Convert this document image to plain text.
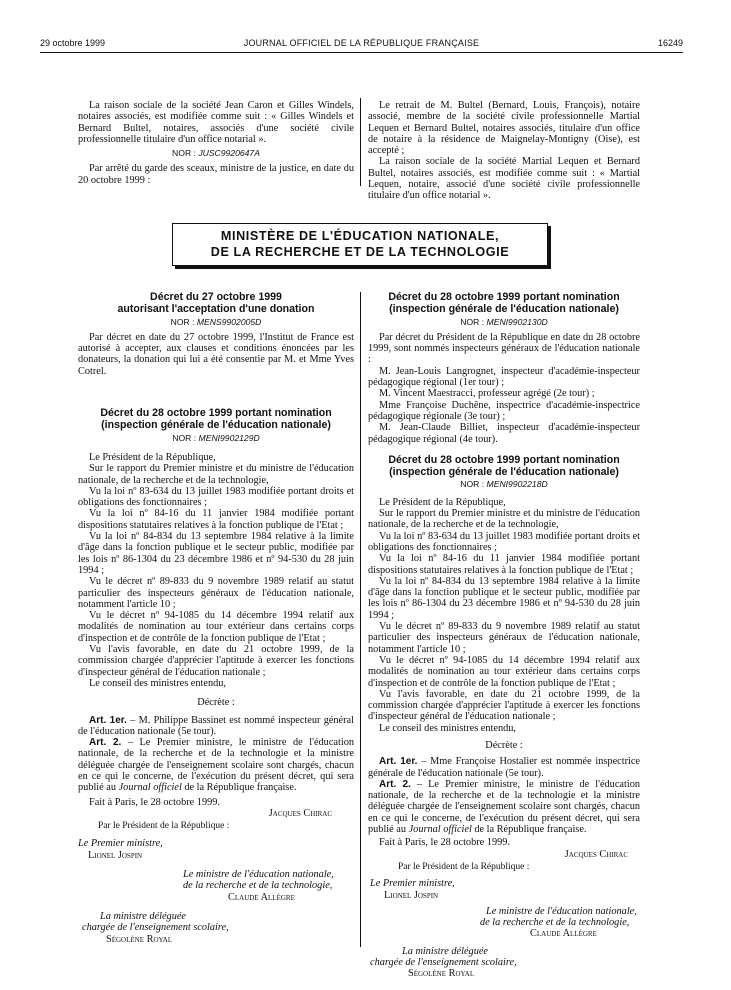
29 octobre 1999	JOURNAL OFFICIEL DE LA RÉPUBLIQUE FRANÇAISE	16249

La raison sociale de la société Jean Caron et Gilles Windels, notaires associés, est modifiée comme suit : « Gilles Windels et Bernard Bultel, notaires, associés d'une société civile professionnelle titulaire d'un office notarial ».

NOR : JUSC9920647A

Par arrêté du garde des sceaux, ministre de la justice, en date du 20 octobre 1999 :

Le retrait de M. Bultel (Bernard, Louis, François), notaire associé, membre de la société civile professionnelle Martial Lequen et Bernard Bultel, notaires associés, titulaire d'un office de notaire à la résidence de Maignelay-Montigny (Oise), est accepté ;

La raison sociale de la société Martial Lequen et Bernard Bultel, notaires associés, est modifiée comme suit : « Martial Lequen, notaire, associé d'une société civile professionnelle titulaire d'un office notarial ».

MINISTÈRE DE L'ÉDUCATION NATIONALE,
DE LA RECHERCHE ET DE LA TECHNOLOGIE
Décret du 27 octobre 1999
autorisant l'acceptation d'une donation
NOR : MENS9902005D

Par décret en date du 27 octobre 1999, l'Institut de France est autorisé à accepter, aux clauses et conditions énoncées par les donateurs, la donation qui lui a été consentie par M. et Mme Yves Cotrel.

Décret du 28 octobre 1999 portant nomination
(inspection générale de l'éducation nationale)
NOR : MENI9902129D

Le Président de la République,

Sur le rapport du Premier ministre et du ministre de l'éducation nationale, de la recherche et de la technologie,

Vu la loi nº 83-634 du 13 juillet 1983 modifiée portant droits et obligations des fonctionnaires ;

Vu la loi nº 84-16 du 11 janvier 1984 modifiée portant dispositions statutaires relatives à la fonction publique de l'Etat ;

Vu la loi nº 84-834 du 13 septembre 1984 relative à la limite d'âge dans la fonction publique et le secteur public, modifiée par les lois nº 86-1304 du 23 décembre 1986 et nº 94-530 du 28 juin 1994 ;

Vu le décret nº 89-833 du 9 novembre 1989 relatif au statut particulier des inspecteurs généraux de l'éducation nationale, notamment l'article 10 ;

Vu le décret nº 94-1085 du 14 décembre 1994 relatif aux modalités de nomination au tour extérieur dans certains corps d'inspection et de contrôle de la fonction publique de l'Etat ;

Vu l'avis favorable, en date du 21 octobre 1999, de la commission chargée d'apprécier l'aptitude à exercer les fonctions d'inspecteur général de l'éducation nationale ;

Le conseil des ministres entendu,

Décrète :

Art. 1er. – M. Philippe Bassinet est nommé inspecteur général de l'éducation nationale (5e tour).

Art. 2. – Le Premier ministre, le ministre de l'éducation nationale, de la recherche et de la technologie et la ministre déléguée chargée de l'enseignement scolaire sont chargés, chacun en ce qui le concerne, de l'exécution du présent décret, qui sera publié au Journal officiel de la République française.

Fait à Paris, le 28 octobre 1999.

Jacques Chirac
Par le Président de la République :
Le Premier ministre,
Lionel Jospin
Le ministre de l'éducation nationale,
de la recherche et de la technologie,
Claude Allègre
La ministre déléguée
chargée de l'enseignement scolaire,
Ségolène Royal
Décret du 28 octobre 1999 portant nomination
(inspection générale de l'éducation nationale)
NOR : MENI9902130D

Par décret du Président de la République en date du 28 octobre 1999, sont nommés inspecteurs généraux de l'éducation nationale :

M. Jean-Louis Langrognet, inspecteur d'académie-inspecteur pédagogique régional (1er tour) ;

M. Vincent Maestracci, professeur agrégé (2e tour) ;

Mme Françoise Duchêne, inspectrice d'académie-inspectrice pédagogique régionale (3e tour) ;

M. Jean-Claude Billiet, inspecteur d'académie-inspecteur pédagogique régional (4e tour).

Décret du 28 octobre 1999 portant nomination
(inspection générale de l'éducation nationale)
NOR : MENI9902218D

Le Président de la République,

Sur le rapport du Premier ministre et du ministre de l'éducation nationale, de la recherche et de la technologie,

Vu la loi nº 83-634 du 13 juillet 1983 modifiée portant droits et obligations des fonctionnaires ;

Vu la loi nº 84-16 du 11 janvier 1984 modifiée portant dispositions statutaires relatives à la fonction publique de l'Etat ;

Vu la loi nº 84-834 du 13 septembre 1984 relative à la limite d'âge dans la fonction publique et le secteur public, modifiée par les lois nº 86-1304 du 23 décembre 1986 et nº 94-530 du 28 juin 1994 ;

Vu le décret nº 89-833 du 9 novembre 1989 relatif au statut particulier des inspecteurs généraux de l'éducation nationale, notamment l'article 10 ;

Vu le décret nº 94-1085 du 14 décembre 1994 relatif aux modalités de nomination au tour extérieur dans certains corps d'inspection et de contrôle de la fonction publique de l'Etat ;

Vu l'avis favorable, en date du 21 octobre 1999, de la commission chargée d'apprécier l'aptitude à exercer les fonctions d'inspecteur général de l'éducation nationale ;

Le conseil des ministres entendu,

Décrète :

Art. 1er. – Mme Françoise Hostalier est nommée inspectrice générale de l'éducation nationale (5e tour).

Art. 2. – Le Premier ministre, le ministre de l'éducation nationale, de la recherche et de la technologie et la ministre déléguée chargée de l'enseignement scolaire sont chargés, chacun en ce qui le concerne, de l'exécution du présent décret, qui sera publié au Journal officiel de la République française.

Fait à Paris, le 28 octobre 1999.

Jacques Chirac
Par le Président de la République :
Le Premier ministre,
Lionel Jospin
Le ministre de l'éducation nationale,
de la recherche et de la technologie,
Claude Allègre
La ministre déléguée
chargée de l'enseignement scolaire,
Ségolène Royal
